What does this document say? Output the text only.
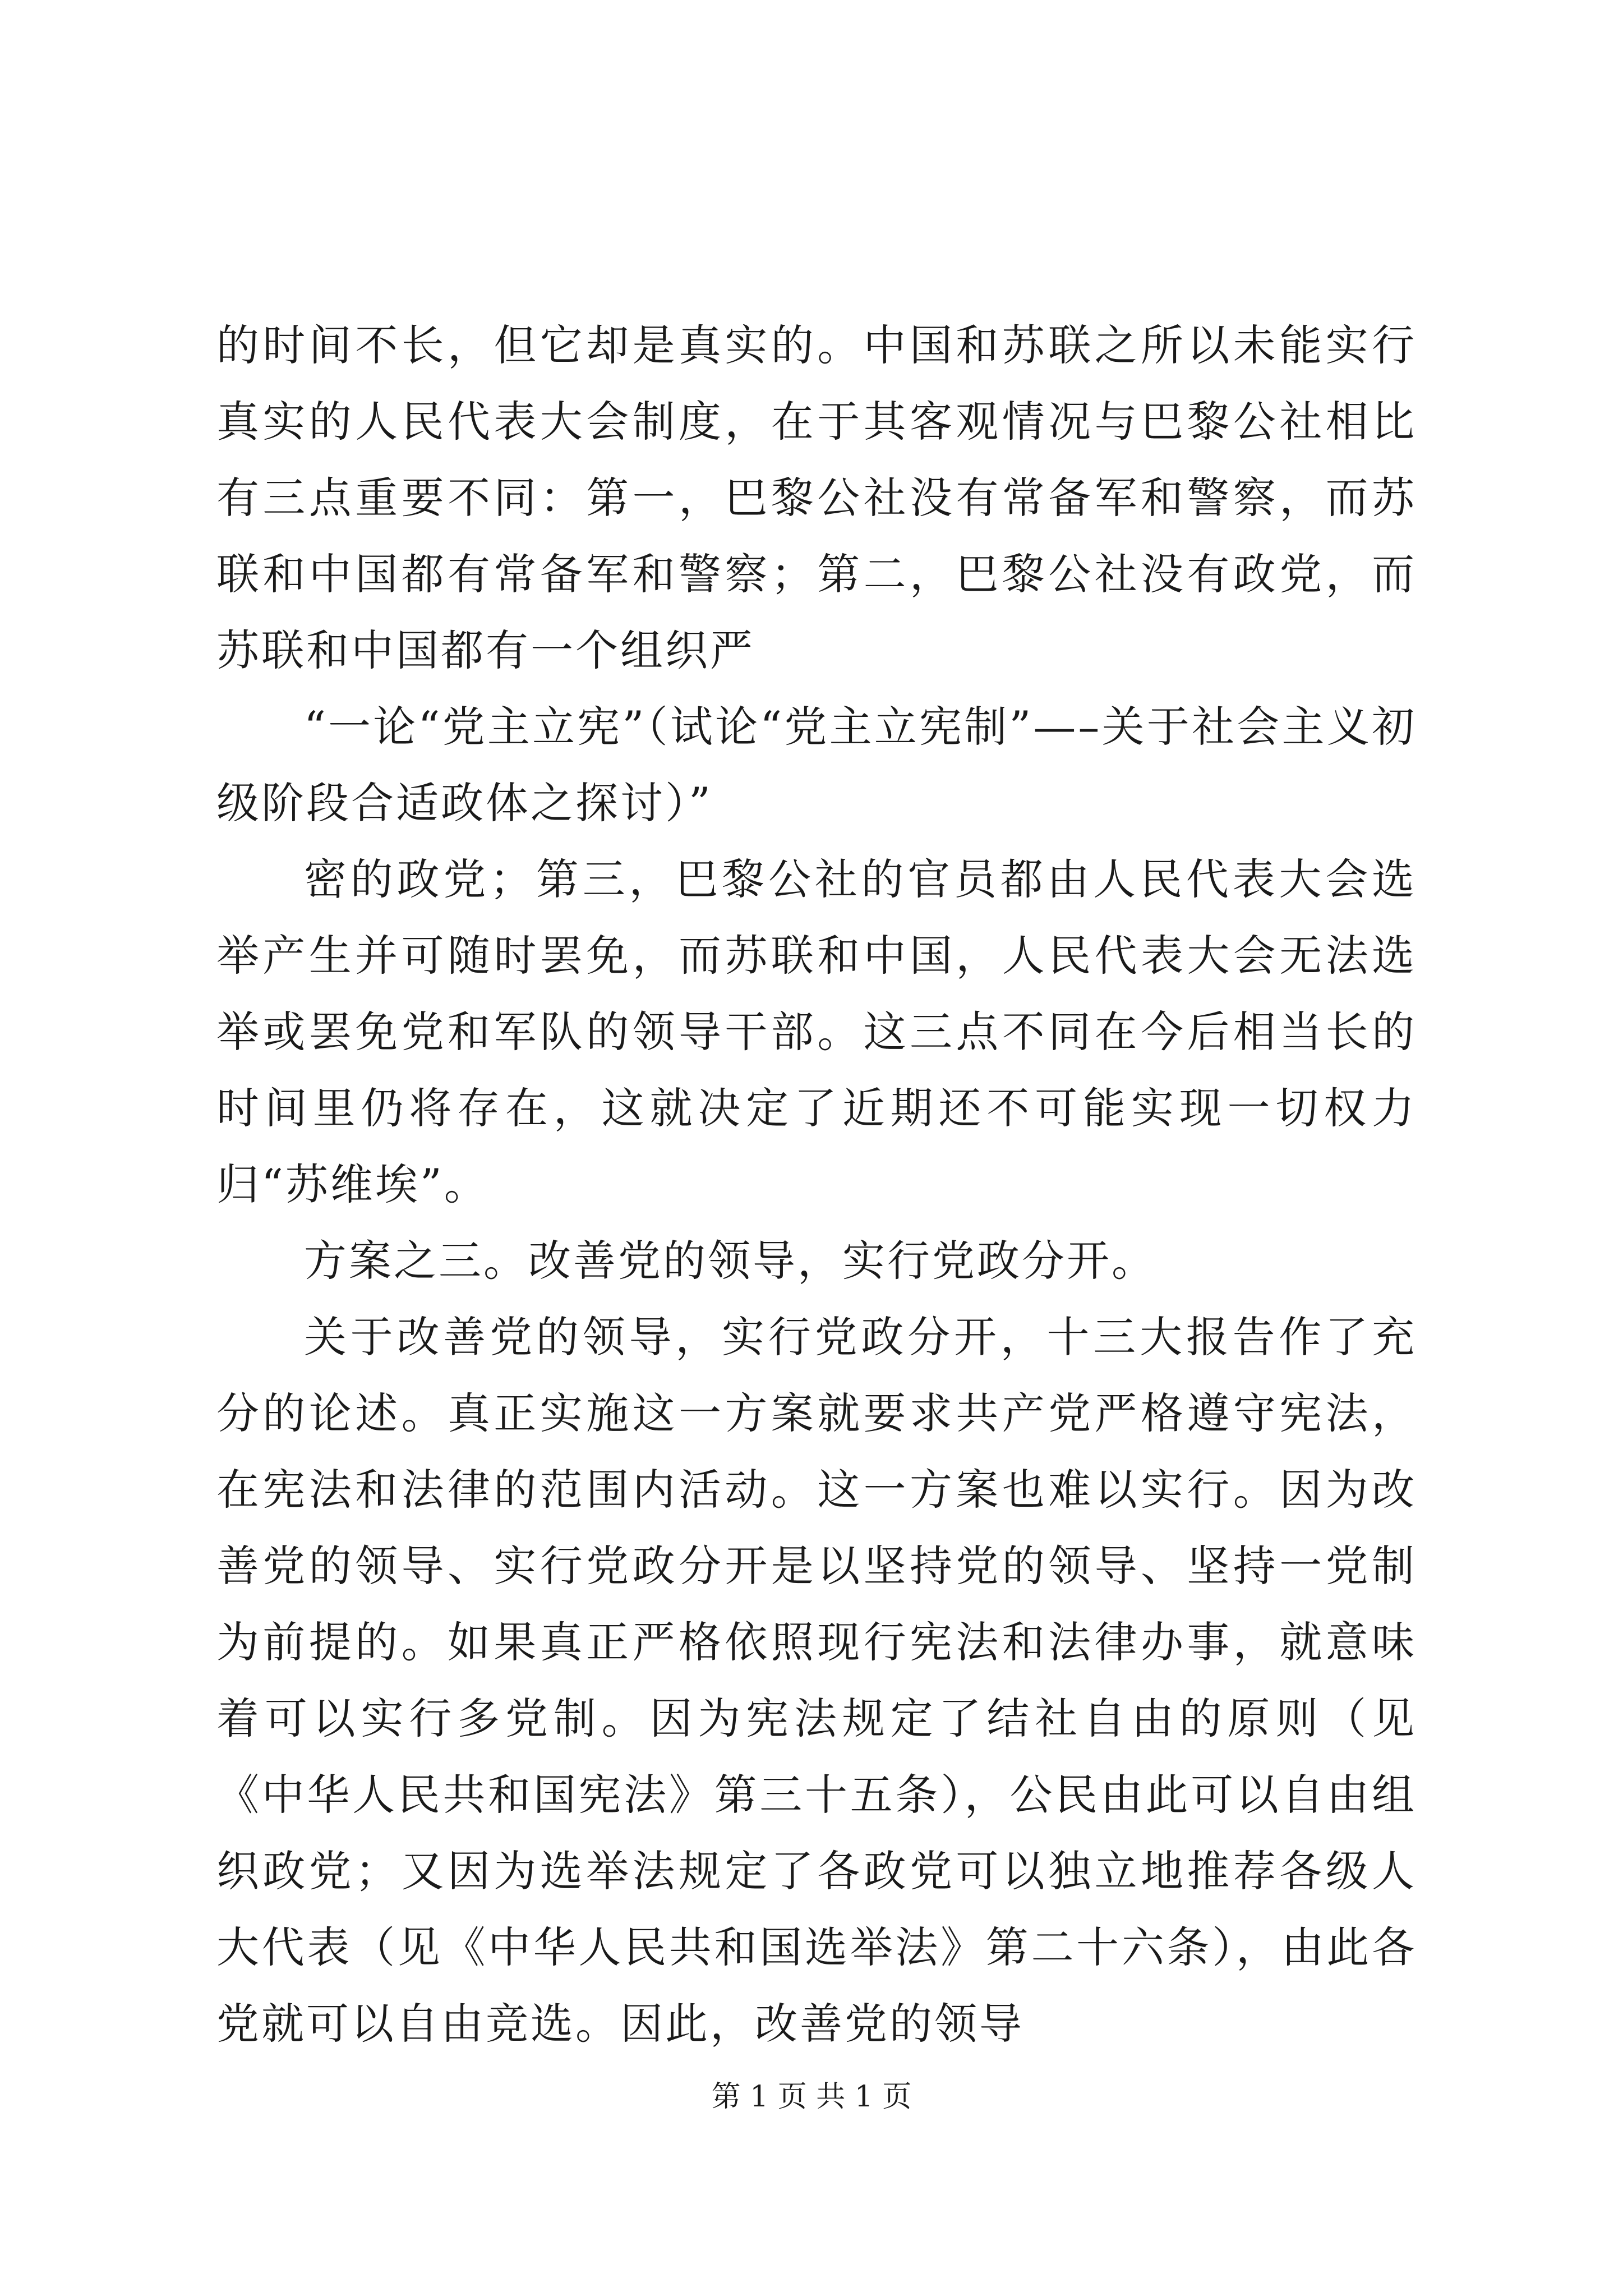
的时间不长，但它却是真实的。中国和苏联之所以未能实行真实的人民代表大会制度，在于其客观情况与巴黎公社相比有三点重要不同：第一，巴黎公社没有常备军和警察，而苏联和中国都有常备军和警察；第二，巴黎公社没有政党，而苏联和中国都有一个组织严

“一论“党主立宪”（试论“党主立宪制”—–关于社会主义初级阶段合适政体之探讨）”

密的政党；第三，巴黎公社的官员都由人民代表大会选举产生并可随时罢免，而苏联和中国，人民代表大会无法选举或罢免党和军队的领导干部。这三点不同在今后相当长的时间里仍将存在，这就决定了近期还不可能实现一切权力归“苏维埃”。

方案之三。改善党的领导，实行党政分开。

关于改善党的领导，实行党政分开，十三大报告作了充分的论述。真正实施这一方案就要求共产党严格遵守宪法，在宪法和法律的范围内活动。这一方案也难以实行。因为改善党的领导、实行党政分开是以坚持党的领导、坚持一党制为前提的。如果真正严格依照现行宪法和法律办事，就意味着可以实行多党制。因为宪法规定了结社自由的原则（见《中华人民共和国宪法》第三十五条），公民由此可以自由组织政党；又因为选举法规定了各政党可以独立地推荐各级人大代表（见《中华人民共和国选举法》第二十六条），由此各党就可以自由竞选。因此，改善党的领导

第 1 页 共 1 页
